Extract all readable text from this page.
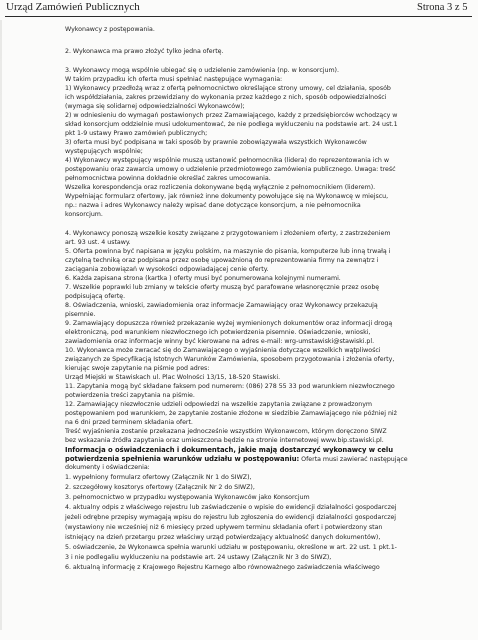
Urząd Zamówień Publicznych	Strona 3 z 5
Wykonawcy z postępowania.
2. Wykonawca ma prawo złożyć tylko jedna ofertę.
3. Wykonawcy mogą wspólnie ubiegać się o udzielenie zamówienia (np. w konsorcjum).
W takim przypadku ich oferta musi spełniać następujące wymagania:
1) Wykonawcy przedłożą wraz z ofertą pełnomocnictwo określające strony umowy, cel działania, sposób
ich współdziałania, zakres przewidziany do wykonania przez każdego z nich, sposób odpowiedzialności
(wymaga się solidarnej odpowiedzialności Wykonawców);
2) w odniesieniu do wymagań postawionych przez Zamawiającego, każdy z przedsiębiorców wchodzący w
skład konsorcjum oddzielnie musi udokumentować, że nie podlega wykluczeniu na podstawie art. 24 ust.1
pkt 1-9 ustawy Prawo zamówień publicznych;
3) oferta musi być podpisana w taki sposób by prawnie zobowiązywała wszystkich Wykonawców
występujących wspólnie;
4) Wykonawcy występujący wspólnie muszą ustanowić pełnomocnika (lidera) do reprezentowania ich w
postępowaniu oraz zawarcia umowy o udzielenie przedmiotowego zamówienia publicznego. Uwaga: treść
pełnomocnictwa powinna dokładnie określać zakres umocowania.
Wszelka korespondencja oraz rozliczenia dokonywane będą wyłącznie z pełnomocnikiem (liderem).
Wypełniając formularz ofertowy, jak również inne dokumenty powołujące się na Wykonawcę w miejscu,
np.: nazwa i adres Wykonawcy należy wpisać dane dotyczące konsorcjum, a nie pełnomocnika
konsorcjum.
4. Wykonawcy ponoszą wszelkie koszty związane z przygotowaniem i złożeniem oferty, z zastrzeżeniem
art. 93 ust. 4 ustawy.
5. Oferta powinna być napisana w języku polskim, na maszynie do pisania, komputerze lub inną trwałą i
czytelną techniką oraz podpisana przez osobę upoważnioną do reprezentowania firmy na zewnątrz i
zaciągania zobowiązań w wysokości odpowiadającej cenie oferty.
6. Każda zapisana strona (kartka ) oferty musi być ponumerowana kolejnymi numerami.
7. Wszelkie poprawki lub zmiany w tekście oferty muszą być parafowane własnoręcznie przez osobę
podpisującą ofertę.
8. Oświadczenia, wnioski, zawiadomienia oraz informacje Zamawiający oraz Wykonawcy przekazują
pisemnie.
9. Zamawiający dopuszcza również przekazanie wyżej wymienionych dokumentów oraz informacji drogą
elektroniczną, pod warunkiem niezwłocznego ich potwierdzenia pisemnie. Oświadczenie, wnioski,
zawiadomienia oraz informacje winny być kierowane na adres e-mail: wrg-umstawiski@stawiski.pl.
10. Wykonawca może zwracać się do Zamawiającego o wyjaśnienia dotyczące wszelkich wątpliwości
związanych ze Specyfikacją Istotnych Warunków Zamówienia, sposobem przygotowania i złożenia oferty,
kierując swoje zapytanie na piśmie pod adres:
Urząd Miejski w Stawiskach ul. Plac Wolności 13/15, 18-520 Stawiski.
11. Zapytania mogą być składane faksem pod numerem: (086) 278 55 33 pod warunkiem niezwłocznego
potwierdzenia treści zapytania na piśmie.
12. Zamawiający niezwłocznie udzieli odpowiedzi na wszelkie zapytania związane z prowadzonym
postępowaniem pod warunkiem, że zapytanie zostanie złożone w siedzibie Zamawiającego nie później niż
na 6 dni przed terminem składania ofert.
Treść wyjaśnienia zostanie przekazana jednocześnie wszystkim Wykonawcom, którym doręczono SIWZ
bez wskazania źródła zapytania oraz umieszczona będzie na stronie internetowej www.bip.stawiski.pl.
Informacja o oświadczeniach i dokumentach, jakie mają dostarczyć wykonawcy w celu
potwierdzenia spełnienia warunków udziału w postępowaniu: Oferta musi zawierać następujące
dokumenty i oświadczenia:
1. wypełniony formularz ofertowy (Załącznik Nr 1 do SIWZ),
2. szczegółowy kosztorys ofertowy (Załącznik Nr 2 do SIWZ),
3. pełnomocnictwo w przypadku występowania Wykonawców jako Konsorcjum
4. aktualny odpis z właściwego rejestru lub zaświadczenie o wpisie do ewidencji działalności gospodarczej
jeżeli odrębne przepisy wymagają wpisu do rejestru lub zgłoszenia do ewidencji działalności gospodarczej
(wystawiony nie wcześniej niż 6 miesięcy przed upływem terminu składania ofert i potwierdzony stan
istniejący na dzień przetargu przez właściwy urząd potwierdzający aktualność danych dokumentów),
5. oświadczenie, że Wykonawca spełnia warunki udziału w postępowaniu, określone w art. 22 ust. 1 pkt.1-
3 i nie podlegaliu wykluczeniu na podstawie art. 24 ustawy (Załącznik Nr 3 do SIWZ),
6. aktualną informację z Krajowego Rejestru Karnego albo równoważnego zaświadczenia właściwego
